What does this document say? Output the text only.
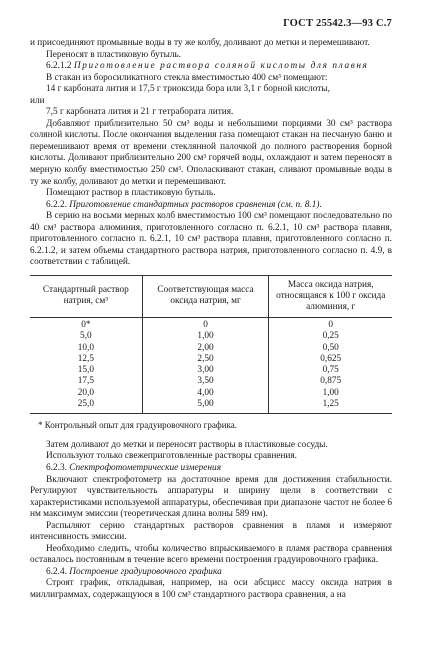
ГОСТ 25542.3—93 С.7

и присоединяют промывные воды в ту же колбу, доливают до метки и перемешивают.

Переносят в пластиковую бутыль.

6.2.1.2 Приготовление раствора соляной кислоты для плавня

В стакан из боросиликатного стекла вместимостью 400 см³ помещают:

14 г карбоната лития и 17,5 г триоксида бора или 3,1 г борной кислоты,

или

7,5 г карбоната лития и 21 г тетрабората лития.

Добавляют приблизительно 50 см³ воды и небольшими порциями 30 см³ раствора соляной кислоты. После окончания выделения газа помещают стакан на песчаную баню и перемешивают время от времени стеклянной палочкой до полного растворения борной кислоты. Доливают приблизительно 200 см³ горячей воды, охлаждают и затем переносят в мерную колбу вместимостью 250 см³. Ополаскивают стакан, сливают промывные воды в ту же колбу, доливают до метки и перемешивают.

Помещают раствор в пластиковую бутыль.

6.2.2. Приготовление стандартных растворов сравнения (см. п. 8.1).

В серию на восьми мерных колб вместимостью 100 см³ помещают последовательно по 40 см³ раствора алюминия, приготовленного согласно п. 6.2.1, 10 см³ раствора плавня, приготовленного согласно п. 6.2.1, 10 см³ раствора плавня, приготовленного согласно п. 6.2.1.2, и затем объемы стандартного раствора натрия, приготовленного согласно п. 4.9, в соответствии с таблицей.

Стандартный раствор натрия, см³	Соответствующая масса оксида натрия, мг	Масса оксида натрия, относящаяся к 100 г оксида алюминия, г
0*	0	0
5,0	1,00	0,25
10,0	2,00	0,50
12,5	2,50	0,625
15,0	3,00	0,75
17,5	3,50	0,875
20,0	4,00	1,00
25,0	5,00	1,25

* Контрольный опыт для градуировочного графика.

Затем доливают до метки и переносят растворы в пластиковые сосуды.

Используют только свежеприготовленные растворы сравнения.

6.2.3. Спектрофотометрические измерения

Включают спектрофотометр на достаточное время для достижения стабильности. Регулируют чувствительность аппаратуры и ширину щели в соответствии с характеристиками используемой аппаратуры, обеспечивая при диапазоне частот не более 6 нм максимум эмиссии (теоретическая длина волны 589 нм).

Распыляют серию стандартных растворов сравнения в пламя и измеряют интенсивность эмиссии.

Необходимо следить, чтобы количество впрыскиваемого в пламя раствора сравнения оставалось постоянным в течение всего времени построения градуировочного графика.

6.2.4. Построение градуировочного графика

Строят график, откладывая, например, на оси абсцисс массу оксида натрия в миллиграммах, содержащуюся в 100 см³ стандартного раствора сравнения, а на
